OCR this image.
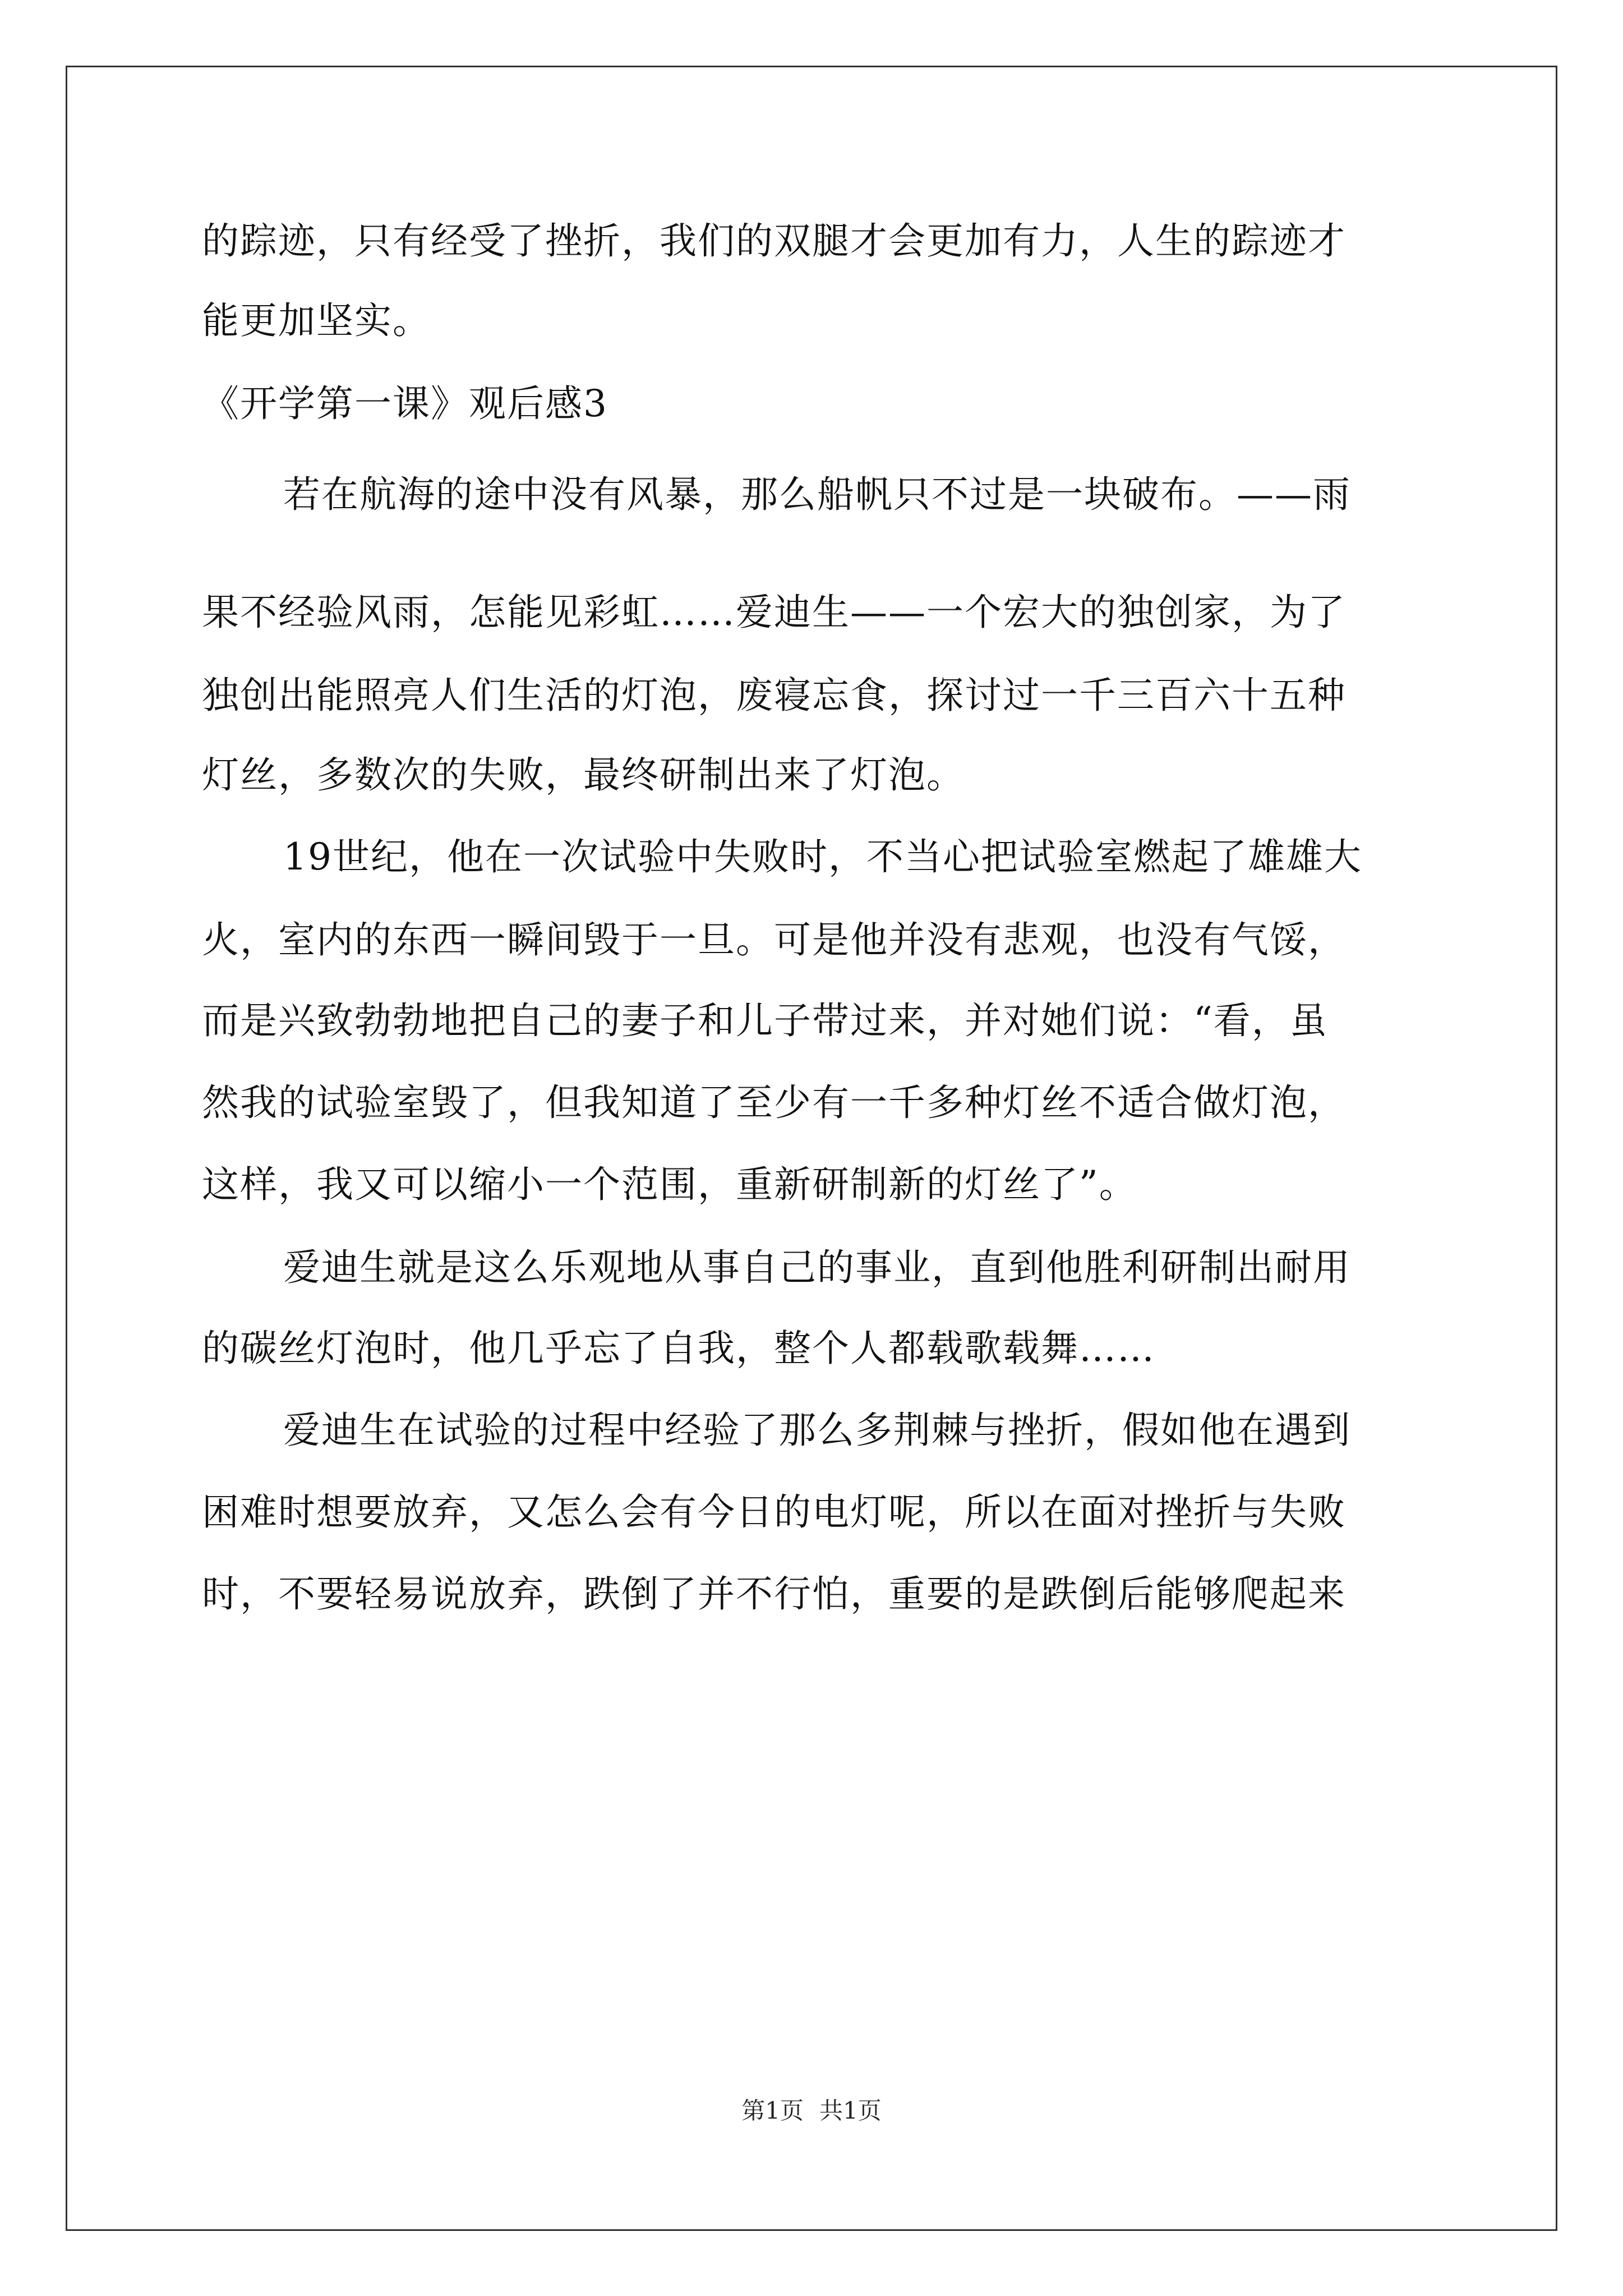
的踪迹，只有经受了挫折，我们的双腿才会更加有力，人生的踪迹才
能更加坚实。
《开学第一课》观后感3
若在航海的途中没有风暴，那么船帆只不过是一块破布。——雨
果不经验风雨，怎能见彩虹……爱迪生——一个宏大的独创家，为了
独创出能照亮人们生活的灯泡，废寝忘食，探讨过一千三百六十五种
灯丝，多数次的失败，最终研制出来了灯泡。
19世纪，他在一次试验中失败时，不当心把试验室燃起了雄雄大
火，室内的东西一瞬间毁于一旦。可是他并没有悲观，也没有气馁，
而是兴致勃勃地把自己的妻子和儿子带过来，并对她们说：“看，虽
然我的试验室毁了，但我知道了至少有一千多种灯丝不适合做灯泡，
这样，我又可以缩小一个范围，重新研制新的灯丝了”。
爱迪生就是这么乐观地从事自己的事业，直到他胜利研制出耐用
的碳丝灯泡时，他几乎忘了自我，整个人都载歌载舞……
爱迪生在试验的过程中经验了那么多荆棘与挫折，假如他在遇到
困难时想要放弃，又怎么会有今日的电灯呢，所以在面对挫折与失败
时，不要轻易说放弃，跌倒了并不行怕，重要的是跌倒后能够爬起来
第1页 共1页
